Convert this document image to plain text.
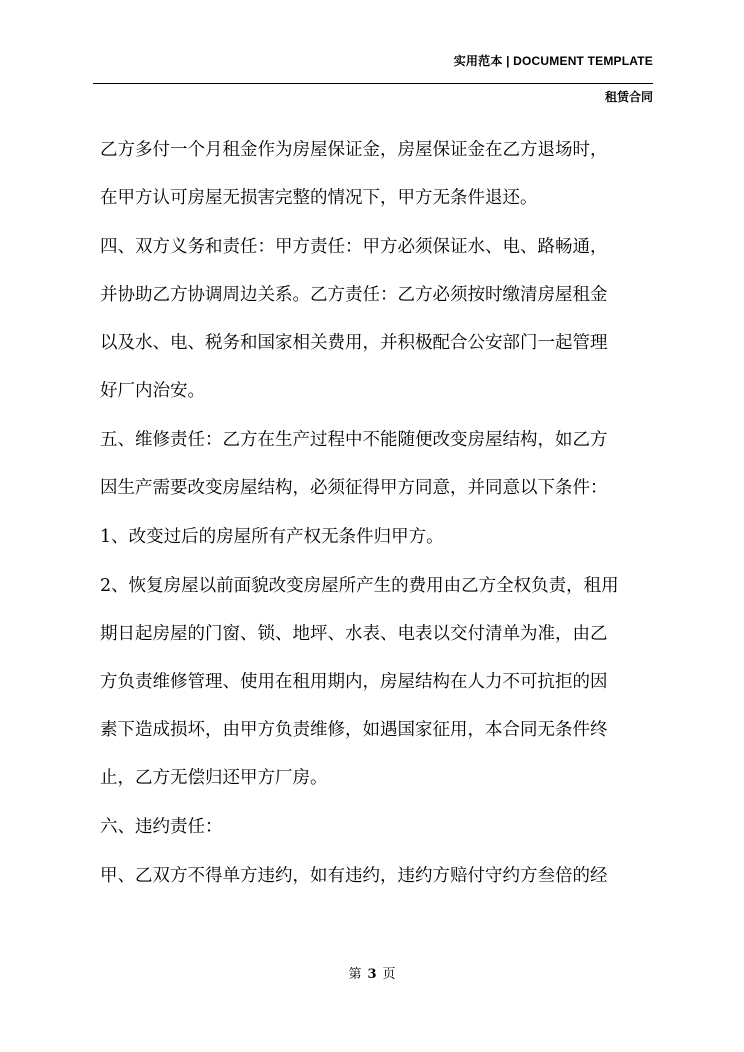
实用范本 | DOCUMENT TEMPLATE
租赁合同
乙方多付一个月租金作为房屋保证金，房屋保证金在乙方退场时，
在甲方认可房屋无损害完整的情况下，甲方无条件退还。
四、双方义务和责任：甲方责任：甲方必须保证水、电、路畅通，
并协助乙方协调周边关系。乙方责任：乙方必须按时缴清房屋租金
以及水、电、税务和国家相关费用，并积极配合公安部门一起管理
好厂内治安。
五、维修责任：乙方在生产过程中不能随便改变房屋结构，如乙方
因生产需要改变房屋结构，必须征得甲方同意，并同意以下条件：
1、改变过后的房屋所有产权无条件归甲方。
2、恢复房屋以前面貌改变房屋所产生的费用由乙方全权负责，租用
期日起房屋的门窗、锁、地坪、水表、电表以交付清单为准，由乙
方负责维修管理、使用在租用期内，房屋结构在人力不可抗拒的因
素下造成损坏，由甲方负责维修，如遇国家征用，本合同无条件终
止，乙方无偿归还甲方厂房。
六、违约责任：
甲、乙双方不得单方违约，如有违约，违约方赔付守约方叁倍的经
第 3 页
